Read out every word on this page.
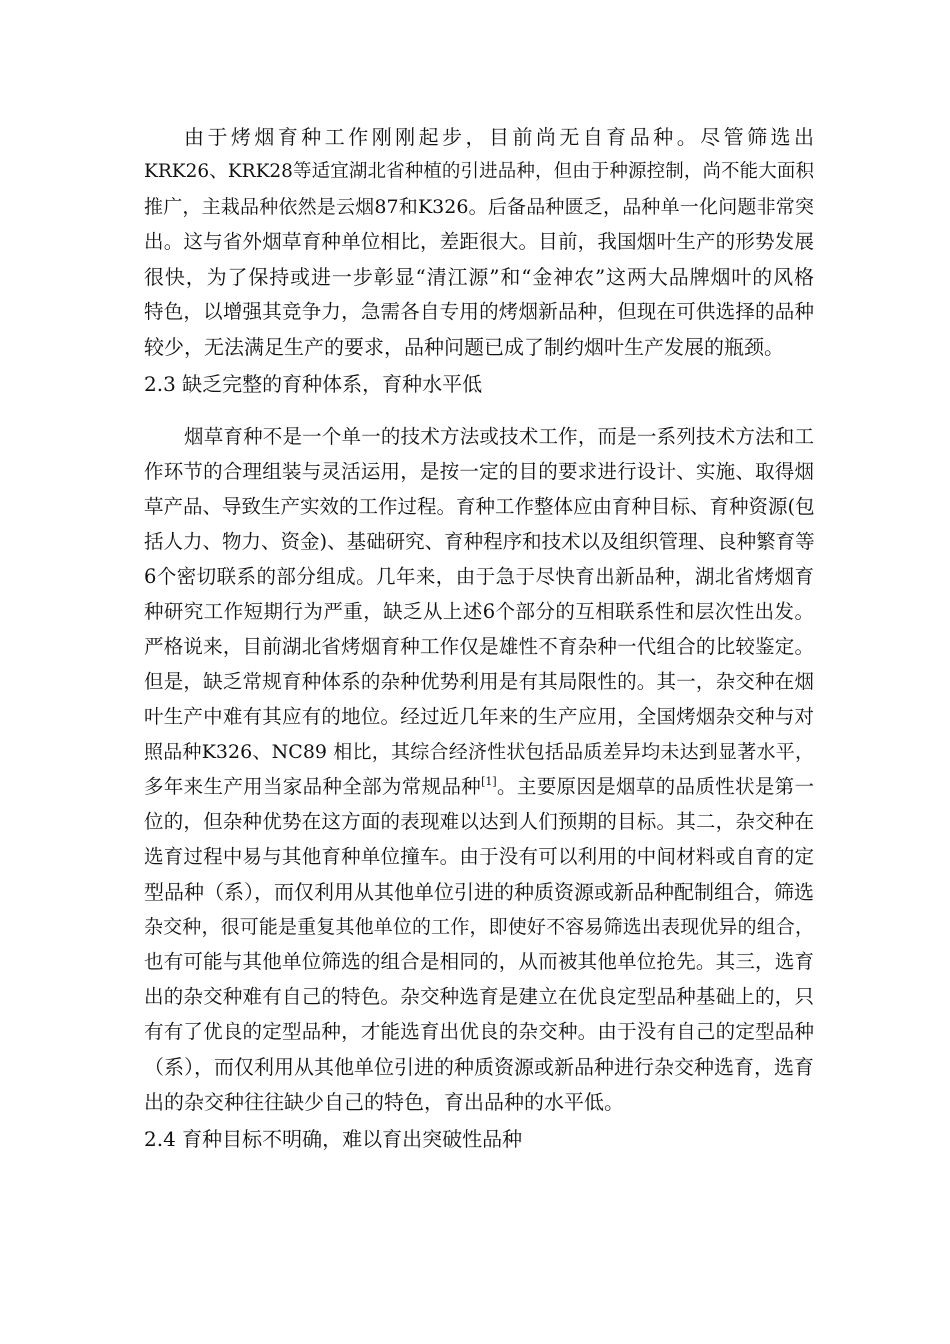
由于烤烟育种工作刚刚起步，目前尚无自育品种。尽管筛选出
KRK26、KRK28等适宜湖北省种植的引进品种，但由于种源控制，尚不能大面积
推广，主栽品种依然是云烟87和K326。后备品种匮乏，品种单一化问题非常突
出。这与省外烟草育种单位相比，差距很大。目前，我国烟叶生产的形势发展
很快，为了保持或进一步彰显“清江源”和“金神农”这两大品牌烟叶的风格
特色，以增强其竞争力，急需各自专用的烤烟新品种，但现在可供选择的品种
较少，无法满足生产的要求，品种问题已成了制约烟叶生产发展的瓶颈。
2.3 缺乏完整的育种体系，育种水平低
烟草育种不是一个单一的技术方法或技术工作，而是一系列技术方法和工
作环节的合理组装与灵活运用，是按一定的目的要求进行设计、实施、取得烟
草产品、导致生产实效的工作过程。育种工作整体应由育种目标、育种资源(包
括人力、物力、资金)、基础研究、育种程序和技术以及组织管理、良种繁育等
6个密切联系的部分组成。几年来，由于急于尽快育出新品种，湖北省烤烟育
种研究工作短期行为严重，缺乏从上述6个部分的互相联系性和层次性出发。
严格说来，目前湖北省烤烟育种工作仅是雄性不育杂种一代组合的比较鉴定。
但是，缺乏常规育种体系的杂种优势利用是有其局限性的。其一，杂交种在烟
叶生产中难有其应有的地位。经过近几年来的生产应用，全国烤烟杂交种与对
照品种K326、NC89 相比，其综合经济性状包括品质差异均未达到显著水平，
多年来生产用当家品种全部为常规品种[1]。主要原因是烟草的品质性状是第一
位的，但杂种优势在这方面的表现难以达到人们预期的目标。其二，杂交种在
选育过程中易与其他育种单位撞车。由于没有可以利用的中间材料或自育的定
型品种（系），而仅利用从其他单位引进的种质资源或新品种配制组合，筛选
杂交种，很可能是重复其他单位的工作，即使好不容易筛选出表现优异的组合，
也有可能与其他单位筛选的组合是相同的，从而被其他单位抢先。其三，选育
出的杂交种难有自己的特色。杂交种选育是建立在优良定型品种基础上的，只
有有了优良的定型品种，才能选育出优良的杂交种。由于没有自己的定型品种
（系），而仅利用从其他单位引进的种质资源或新品种进行杂交种选育，选育
出的杂交种往往缺少自己的特色，育出品种的水平低。
2.4 育种目标不明确，难以育出突破性品种
